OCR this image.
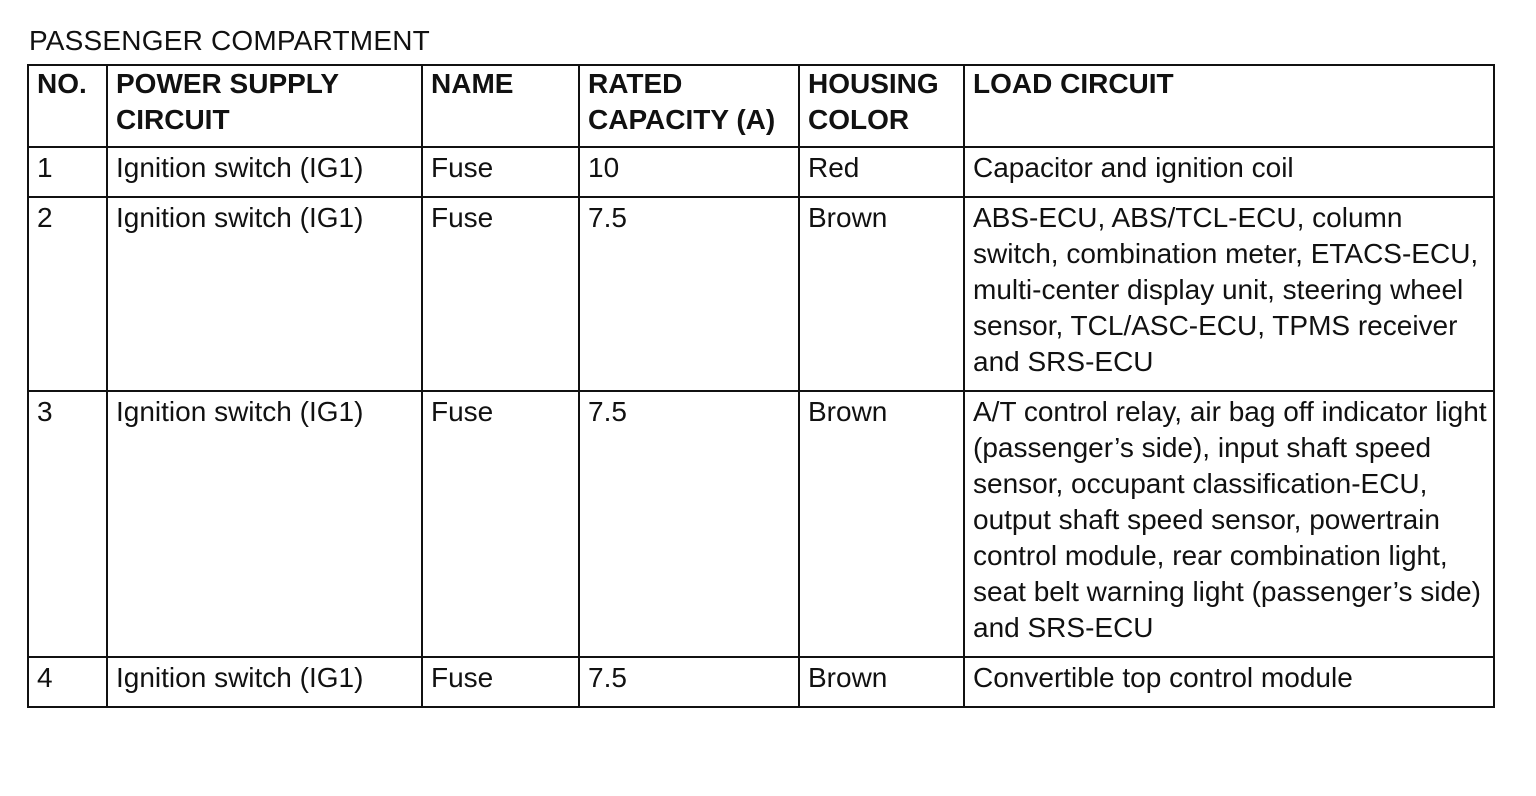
PASSENGER COMPARTMENT
NO.	POWER SUPPLY CIRCUIT	NAME	RATED CAPACITY (A)	HOUSING COLOR	LOAD CIRCUIT
1	Ignition switch (IG1)	Fuse	10	Red	Capacitor and ignition coil
2	Ignition switch (IG1)	Fuse	7.5	Brown	ABS-ECU, ABS/TCL-ECU, column switch, combination meter, ETACS-ECU, multi-center display unit, steering wheel sensor, TCL/ASC-ECU, TPMS receiver and SRS-ECU
3	Ignition switch (IG1)	Fuse	7.5	Brown	A/T control relay, air bag off indicator light (passenger’s side), input shaft speed sensor, occupant classification-ECU, output shaft speed sensor, powertrain control module, rear combination light, seat belt warning light (passenger’s side) and SRS-ECU
4	Ignition switch (IG1)	Fuse	7.5	Brown	Convertible top control module
